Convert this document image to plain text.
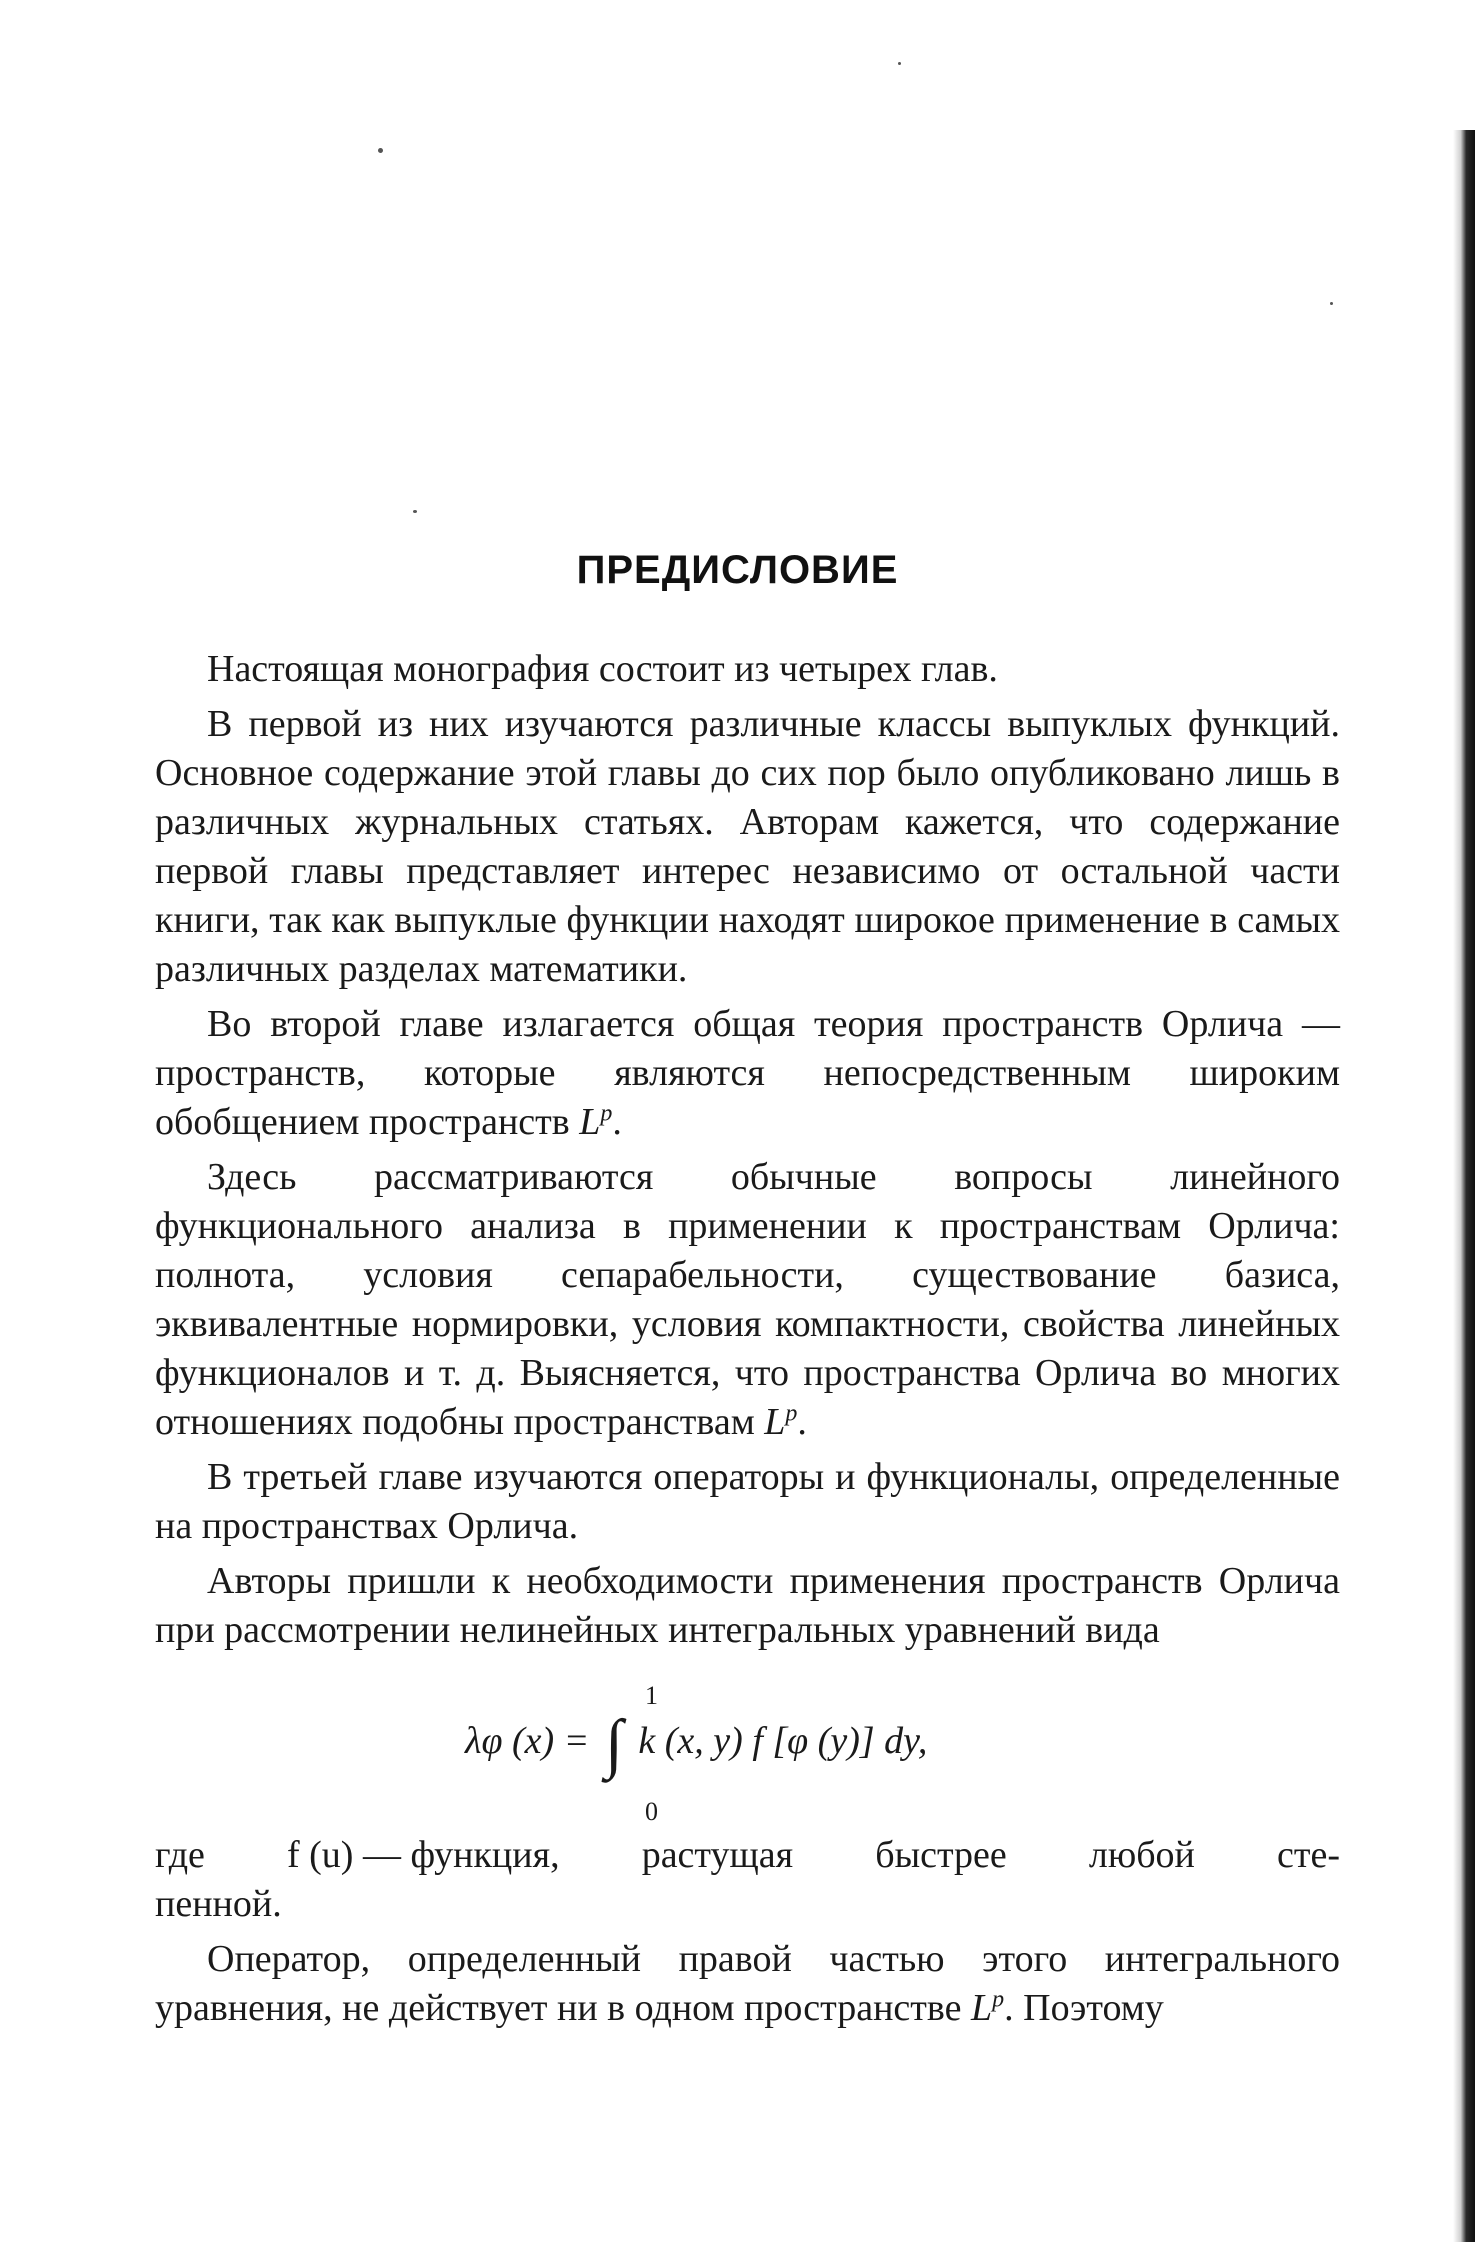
ПРЕДИСЛОВИЕ

Настоящая монография состоит из четырех глав.

В первой из них изучаются различные классы выпуклых функций. Основное содержание этой главы до сих пор было опубликовано лишь в различных журнальных статьях. Авторам кажется, что содержание первой главы представляет интерес независимо от остальной части книги, так как выпуклые функции находят широкое применение в самых различных разделах математики.

Во второй главе излагается общая теория пространств Орлича — пространств, которые являются непосредственным широким обобщением пространств $L^p$.

Здесь рассматриваются обычные вопросы линейного функционального анализа в применении к пространствам Орлича: полнота, условия сепарабельности, существование базиса, эквивалентные нормировки, условия компактности, свойства линейных функционалов и т. д. Выясняется, что пространства Орлича во многих отношениях подобны пространствам $L^p$.

В третьей главе изучаются операторы и функционалы, определенные на пространствах Орлича.

Авторы пришли к необходимости применения пространств Орлича при рассмотрении нелинейных интегральных уравнений вида

1
λφ (x) = ∫ k (x, y) f [φ (y)] dy,
0
где f (u) — функция, растущая быстрее любой сте-

пенной.

Оператор, определенный правой частью этого интегрального уравнения, не действует ни в одном пространстве $L^p$. Поэтому
